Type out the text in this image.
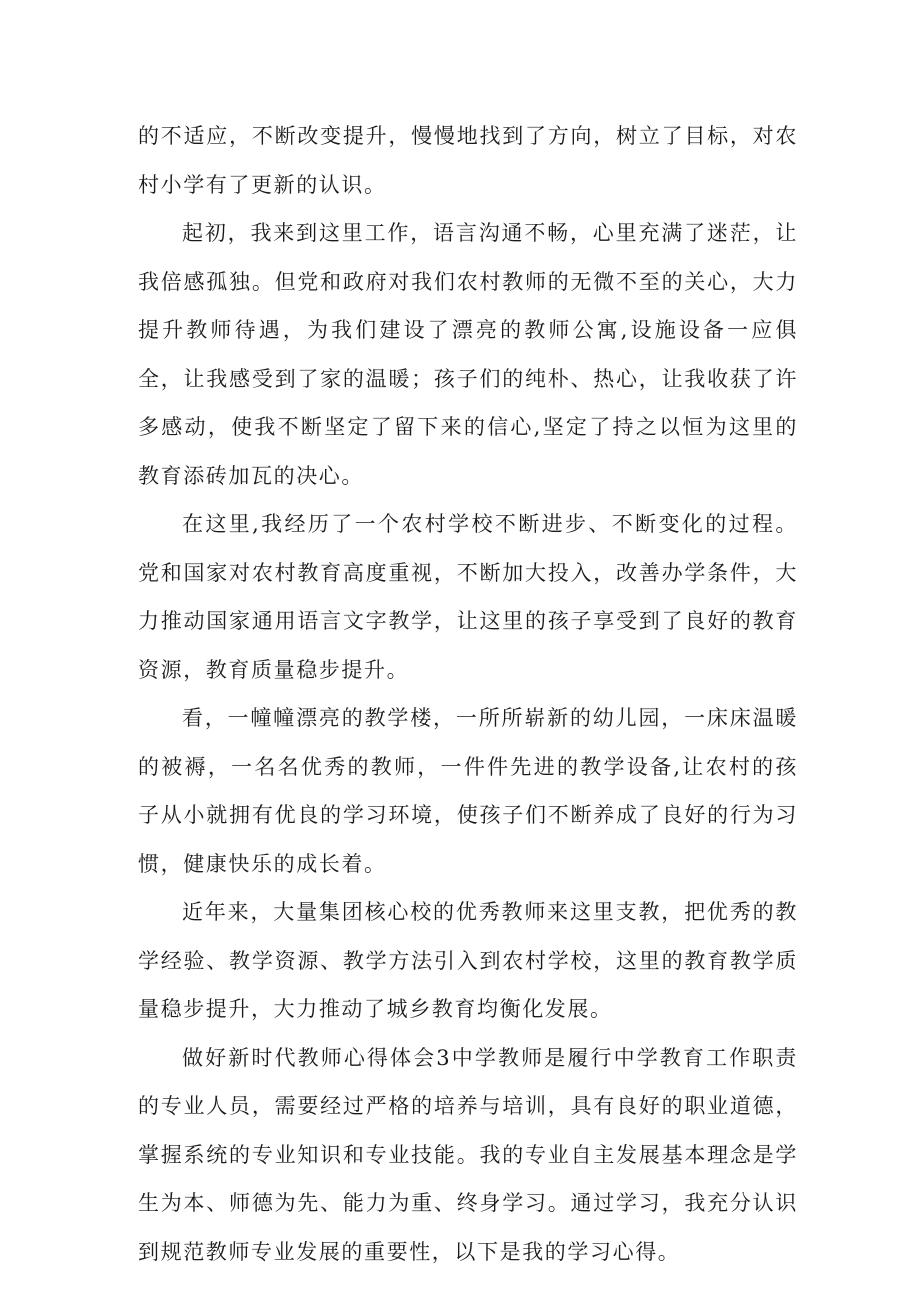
的不适应，不断改变提升，慢慢地找到了方向，树立了目标，对农村小学有了更新的认识。

起初，我来到这里工作，语言沟通不畅，心里充满了迷茫，让我倍感孤独。但党和政府对我们农村教师的无微不至的关心，大力提升教师待遇，为我们建设了漂亮的教师公寓,设施设备一应俱全，让我感受到了家的温暖；孩子们的纯朴、热心，让我收获了许多感动，使我不断坚定了留下来的信心,坚定了持之以恒为这里的教育添砖加瓦的决心。

在这里,我经历了一个农村学校不断进步、不断变化的过程。党和国家对农村教育高度重视，不断加大投入，改善办学条件，大力推动国家通用语言文字教学，让这里的孩子享受到了良好的教育资源，教育质量稳步提升。

看，一幢幢漂亮的教学楼，一所所崭新的幼儿园，一床床温暖的被褥，一名名优秀的教师，一件件先进的教学设备,让农村的孩子从小就拥有优良的学习环境，使孩子们不断养成了良好的行为习惯，健康快乐的成长着。

近年来，大量集团核心校的优秀教师来这里支教，把优秀的教学经验、教学资源、教学方法引入到农村学校，这里的教育教学质量稳步提升，大力推动了城乡教育均衡化发展。

做好新时代教师心得体会3中学教师是履行中学教育工作职责的专业人员，需要经过严格的培养与培训，具有良好的职业道德，掌握系统的专业知识和专业技能。我的专业自主发展基本理念是学生为本、师德为先、能力为重、终身学习。通过学习，我充分认识到规范教师专业发展的重要性，以下是我的学习心得。
